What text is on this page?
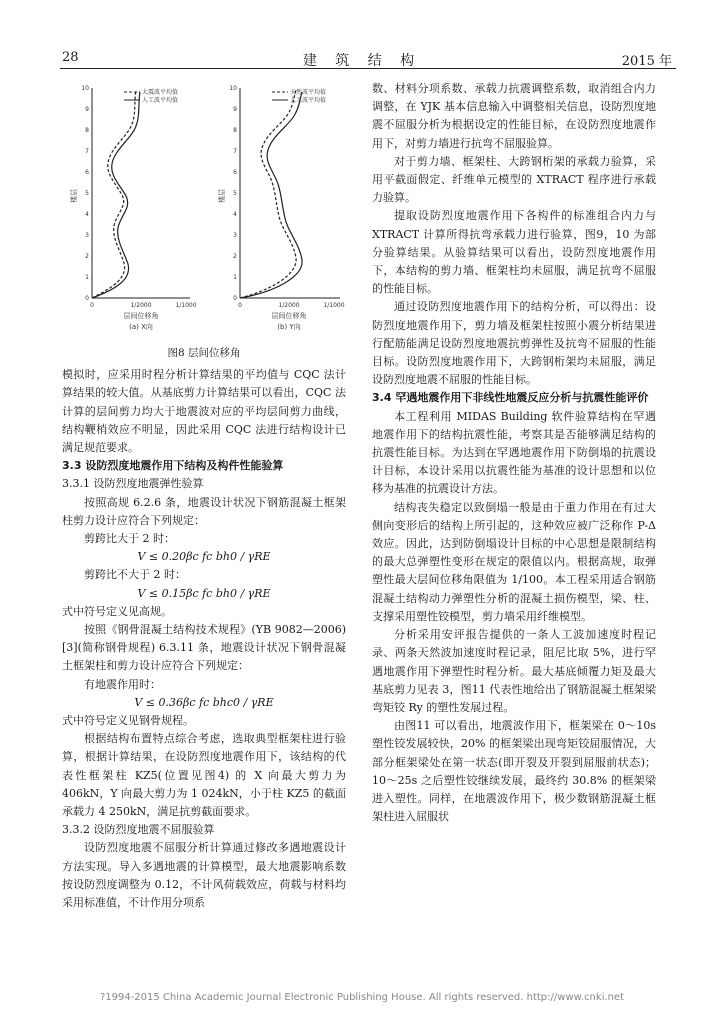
28	建 筑 结 构	2015 年
0
1
2
3
4
5
6
7
8
9
10
0	1/2000	1/1000
楼层
层间位移角
(a) X向
大震波平均值
人工波平均值
0
1
2
3
4
5
6
7
8
9
10
0	1/2000	1/1000
楼层
层间位移角
(b) Y向
天然波平均值
人工波平均值
图8 层间位移角

模拟时，应采用时程分析计算结果的平均值与 CQC 法计算结果的较大值。从基底剪力计算结果可以看出，CQC 法计算的层间剪力均大于地震波对应的平均层间剪力曲线，结构鞭梢效应不明显，因此采用 CQC 法进行结构设计已满足规范要求。

3.3 设防烈度地震作用下结构及构件性能验算

3.3.1 设防烈度地震弹性验算

按照高规 6.2.6 条，地震设计状况下钢筋混凝土框架柱剪力设计应符合下列规定：

剪跨比大于 2 时：

V ≤ 0.20βc fc bh0 / γRE

剪跨比不大于 2 时：

V ≤ 0.15βc fc bh0 / γRE

式中符号定义见高规。

按照《钢骨混凝土结构技术规程》(YB 9082—2006)[3](简称钢骨规程) 6.3.11 条，地震设计状况下钢骨混凝土框架柱和剪力设计应符合下列规定：

有地震作用时：

V ≤ 0.36βc fc bhc0 / γRE

式中符号定义见钢骨规程。

根据结构布置特点综合考虑，选取典型框架柱进行验算，根据计算结果，在设防烈度地震作用下，该结构的代表性框架柱 KZ5(位置见图4) 的 X 向最大剪力为 406kN，Y 向最大剪力为 1 024kN，小于柱 KZ5 的截面承载力 4 250kN，满足抗剪截面要求。

3.3.2 设防烈度地震不屈服验算

设防烈度地震不屈服分析计算通过修改多遇地震设计方法实现。导入多遇地震的计算模型，最大地震影响系数按设防烈度调整为 0.12，不计风荷载效应，荷载与材料均采用标准值，不计作用分项系

数、材料分项系数、承载力抗震调整系数，取消组合内力调整，在 YJK 基本信息输入中调整相关信息，设防烈度地震不屈服分析为根据设定的性能目标，在设防烈度地震作用下，对剪力墙进行抗弯不屈服验算。

对于剪力墙、框架柱、大跨钢桁架的承载力验算，采用平截面假定、纤维单元模型的 XTRACT 程序进行承载力验算。

提取设防烈度地震作用下各构件的标准组合内力与 XTRACT 计算所得抗弯承载力进行验算，图9，10 为部分验算结果。从验算结果可以看出，设防烈度地震作用下，本结构的剪力墙、框架柱均未屈服，满足抗弯不屈服的性能目标。

通过设防烈度地震作用下的结构分析，可以得出：设防烈度地震作用下，剪力墙及框架柱按照小震分析结果进行配筋能满足设防烈度地震抗剪弹性及抗弯不屈服的性能目标。设防烈度地震作用下，大跨钢桁架均未屈服，满足设防烈度地震不屈服的性能目标。

3.4 罕遇地震作用下非线性地震反应分析与抗震性能评价

本工程利用 MIDAS Building 软件验算结构在罕遇地震作用下的结构抗震性能，考察其是否能够满足结构的抗震性能目标。为达到在罕遇地震作用下防倒塌的抗震设计目标，本设计采用以抗震性能为基准的设计思想和以位移为基准的抗震设计方法。

结构丧失稳定以致倒塌一般是由于重力作用在有过大侧向变形后的结构上所引起的，这种效应被广泛称作 P-Δ 效应。因此，达到防倒塌设计目标的中心思想是限制结构的最大总弹塑性变形在规定的限值以内。根据高规，取弹塑性最大层间位移角限值为 1/100。本工程采用适合钢筋混凝土结构动力弹塑性分析的混凝土损伤模型，梁、柱、支撑采用塑性铰模型，剪力墙采用纤维模型。

分析采用安评报告提供的一条人工波加速度时程记录、两条天然波加速度时程记录，阻尼比取 5%，进行罕遇地震作用下弹塑性时程分析。最大基底倾覆力矩及最大基底剪力见表 3，图11 代表性地给出了钢筋混凝土框架梁弯矩铰 Ry 的塑性发展过程。

由图11 可以看出，地震波作用下，框架梁在 0～10s 塑性铰发展较快，20% 的框架梁出现弯矩铰屈服情况，大部分框架梁处在第一状态(即开裂及开裂到屈服前状态)；10～25s 之后塑性铰继续发展，最终约 30.8% 的框架梁进入塑性。同样，在地震波作用下，极少数钢筋混凝土框架柱进入屈服状

?1994-2015 China Academic Journal Electronic Publishing House. All rights reserved. http://www.cnki.net
